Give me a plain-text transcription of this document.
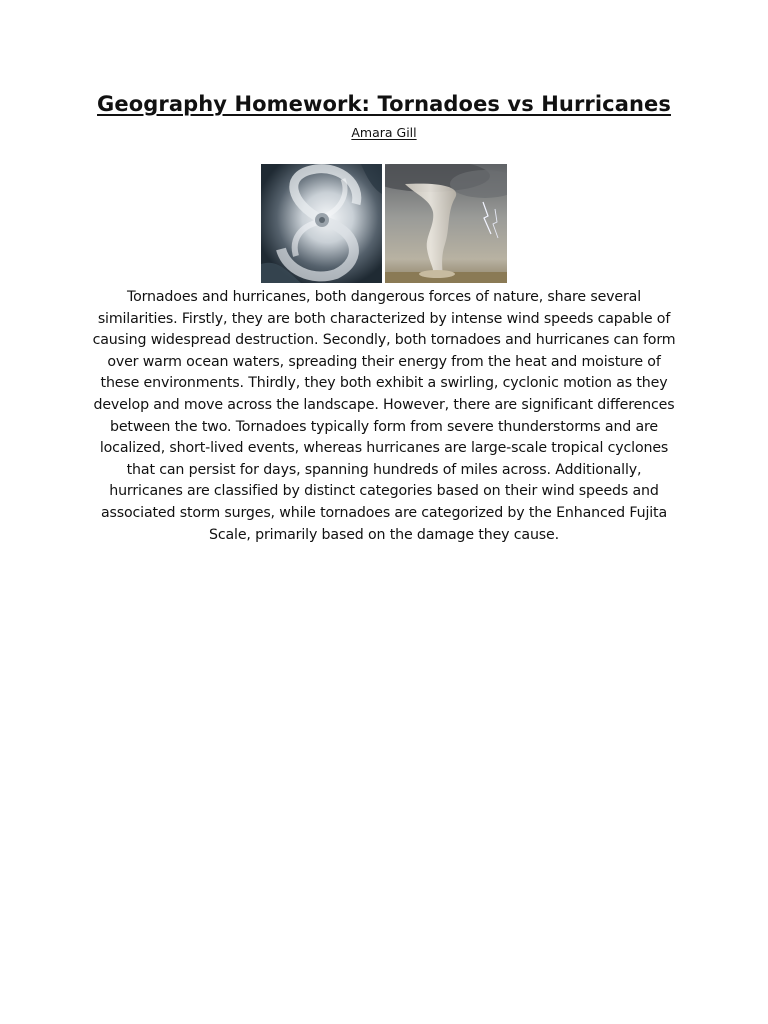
Geography Homework: Tornadoes vs Hurricanes
Amara Gill
Tornadoes and hurricanes, both dangerous forces of nature, share several similarities. Firstly, they are both characterized by intense wind speeds capable of causing widespread destruction. Secondly, both tornadoes and hurricanes can form over warm ocean waters, spreading their energy from the heat and moisture of these environments. Thirdly, they both exhibit a swirling, cyclonic motion as they develop and move across the landscape. However, there are significant differences between the two. Tornadoes typically form from severe thunderstorms and are localized, short-lived events, whereas hurricanes are large-scale tropical cyclones that can persist for days, spanning hundreds of miles across. Additionally, hurricanes are classified by distinct categories based on their wind speeds and associated storm surges, while tornadoes are categorized by the Enhanced Fujita Scale, primarily based on the damage they cause.
